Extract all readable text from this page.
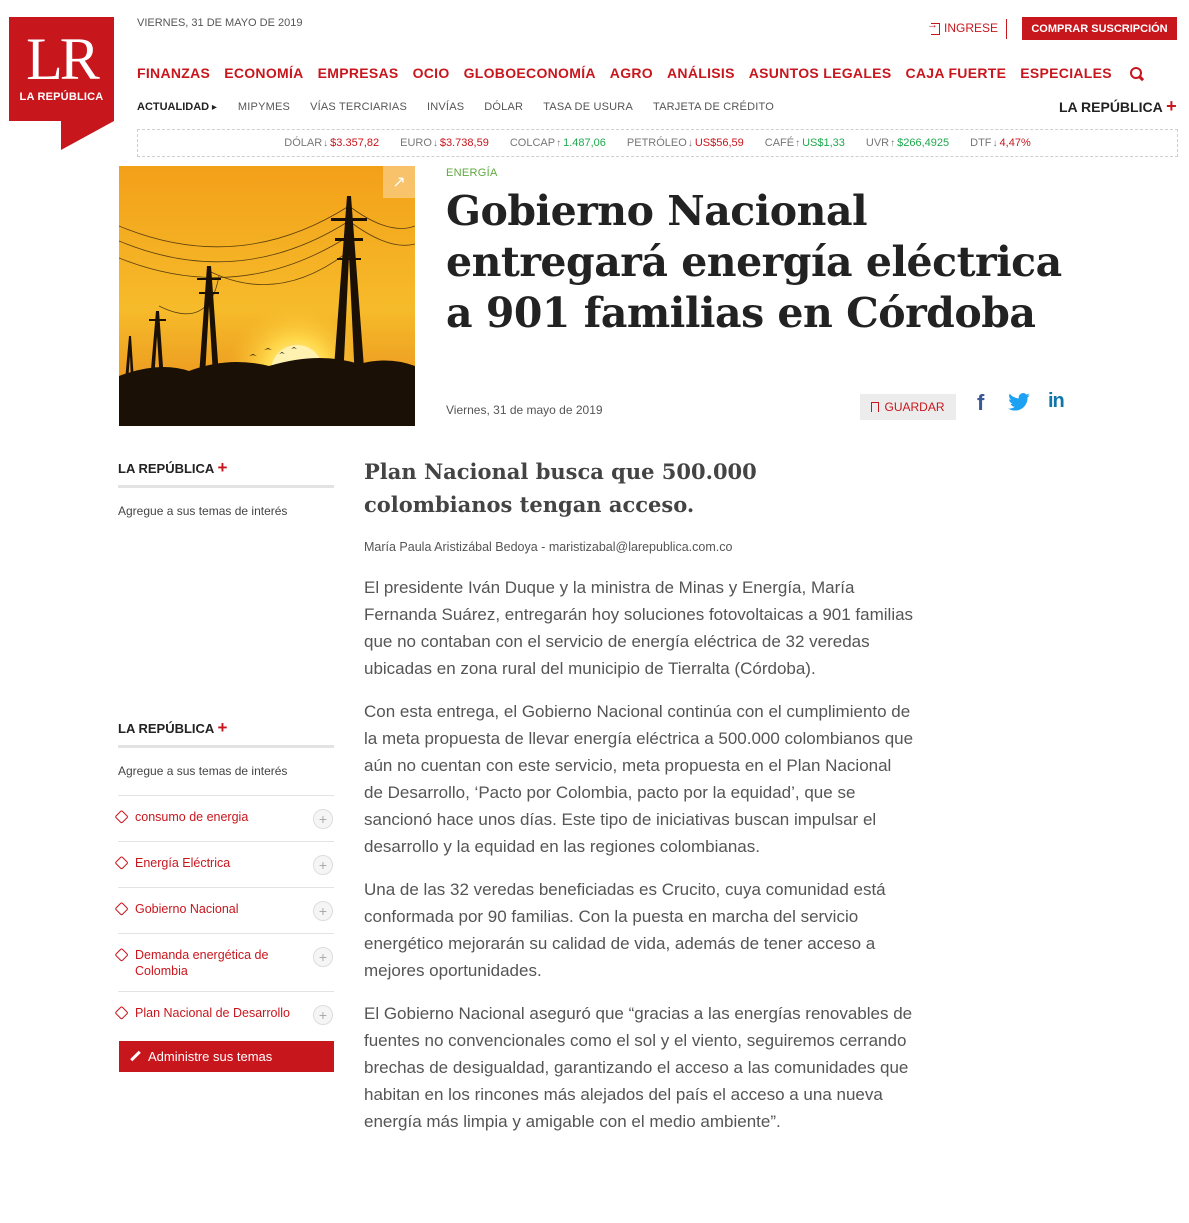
LR
LA REPÚBLICA
VIERNES, 31 DE MAYO DE 2019 →	INGRESE	COMPRAR SUSCRIPCIÓN
FINANZAS ECONOMÍA EMPRESAS OCIO GLOBOECONOMÍA AGRO ANÁLISIS ASUNTOS LEGALES CAJA FUERTE ESPECIALES
ACTUALIDAD ▸	MIPYMES VÍAS TERCIARIAS INVÍAS DÓLAR TASA DE USURA TARJETA DE CRÉDITO	LA REPÚBLICA +
DÓLAR↓ $3.357,82 EURO↓ $3.738,59 COLCAP↑ 1.487,06 PETRÓLEO↓ US$56,59 CAFÉ↑ US$1,33 UVR↑ $266,4925 DTF↓ 4,47%
↗
ENERGÍA
Gobierno Nacional entregará energía eléctrica a 901 familias en Córdoba
Viernes, 31 de mayo de 2019	GUARDAR f	in
LA REPÚBLICA +
Agregue a sus temas de interés
LA REPÚBLICA +
Agregue a sus temas de interés
consumo de energia	+
Energía Eléctrica	+
Gobierno Nacional	+
Demanda energética de Colombia
+
Plan Nacional de Desarrollo	+
Administre sus temas
Plan Nacional busca que 500.000 colombianos tengan acceso.
María Paula Aristizábal Bedoya - maristizabal@larepublica.com.co

El presidente Iván Duque y la ministra de Minas y Energía, María Fernanda Suárez, entregarán hoy soluciones fotovoltaicas a 901 familias que no contaban con el servicio de energía eléctrica de 32 veredas ubicadas en zona rural del municipio de Tierralta (Córdoba).

Con esta entrega, el Gobierno Nacional continúa con el cumplimiento de la meta propuesta de llevar energía eléctrica a 500.000 colombianos que aún no cuentan con este servicio, meta propuesta en el Plan Nacional de Desarrollo, ‘Pacto por Colombia, pacto por la equidad’, que se sancionó hace unos días. Este tipo de iniciativas buscan impulsar el desarrollo y la equidad en las regiones colombianas.

Una de las 32 veredas beneficiadas es Crucito, cuya comunidad está conformada por 90 familias. Con la puesta en marcha del servicio energético mejorarán su calidad de vida, además de tener acceso a mejores oportunidades.

El Gobierno Nacional aseguró que “gracias a las energías renovables de fuentes no convencionales como el sol y el viento, seguiremos cerrando brechas de desigualdad, garantizando el acceso a las comunidades que habitan en los rincones más alejados del país el acceso a una nueva energía más limpia y amigable con el medio ambiente”.
